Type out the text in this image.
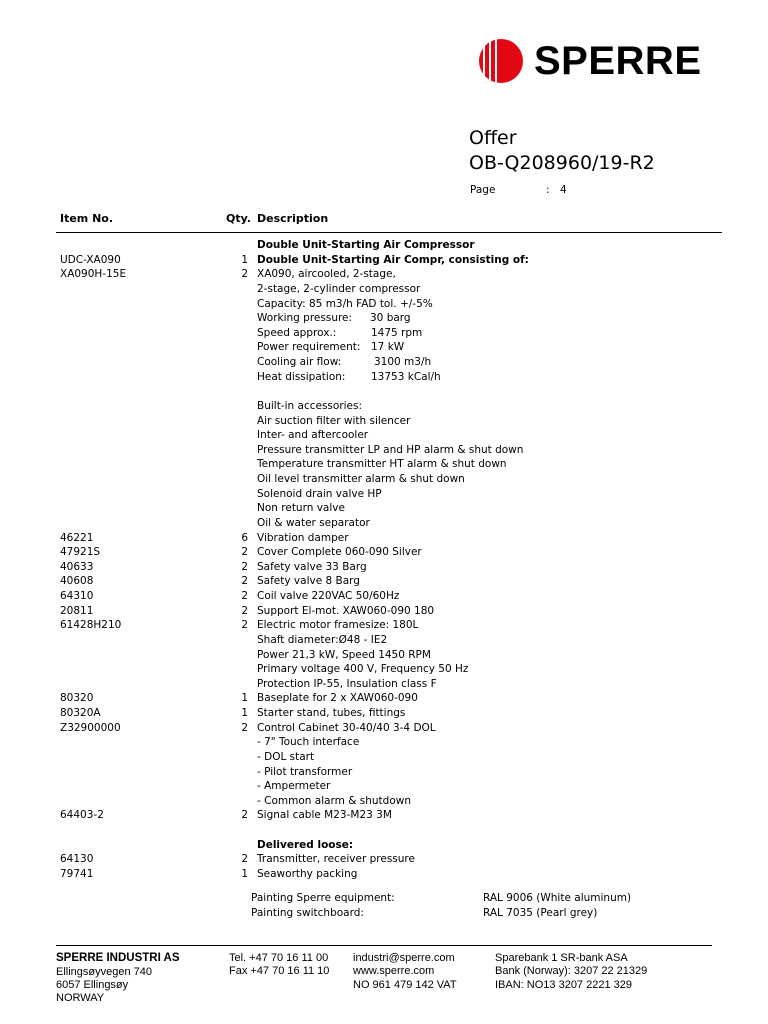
SPERRE
Offer
OB-Q208960/19-R2
Page	: 4
Item No.	Qty. Description
Double Unit-Starting Air Compressor
UDC-XA090	1 Double Unit-Starting Air Compr, consisting of:
XA090H-15E	2 XA090, aircooled, 2-stage,
2-stage, 2-cylinder compressor
Capacity: 85 m3/h FAD tol. +/-5%
Working pressure: 30 barg
Speed approx.:	1475 rpm
Power requirement: 17 kW
Cooling air flow:	3100 m3/h
Heat dissipation: 13753 kCal/h
Built-in accessories:
Air suction filter with silencer
Inter- and aftercooler
Pressure transmitter LP and HP alarm & shut down
Temperature transmitter HT alarm & shut down
Oil level transmitter alarm & shut down
Solenoid drain valve HP
Non return valve
Oil & water separator
46221	6 Vibration damper
47921S	2 Cover Complete 060-090 Silver
40633	2 Safety valve 33 Barg
40608	2 Safety valve 8 Barg
64310	2 Coil valve 220VAC 50/60Hz
20811	2 Support El-mot. XAW060-090 180
61428H210	2 Electric motor framesize: 180L
Shaft diameter:Ø48 - IE2
Power 21,3 kW, Speed 1450 RPM
Primary voltage 400 V, Frequency 50 Hz
Protection IP-55, Insulation class F
80320	1 Baseplate for 2 x XAW060-090
80320A	1 Starter stand, tubes, fittings
Z32900000	2 Control Cabinet 30-40/40 3-4 DOL
- 7" Touch interface
- DOL start
- Pilot transformer
- Ampermeter
- Common alarm & shutdown
64403-2	2 Signal cable M23-M23 3M
Delivered loose:
64130	2 Transmitter, receiver pressure
79741	1 Seaworthy packing
Painting Sperre equipment:	RAL 9006 (White aluminum)
Painting switchboard:	RAL 7035 (Pearl grey)
SPERRE INDUSTRI AS
Ellingsøyvegen 740
6057 Ellingsøy
NORWAY
Tel. +47 70 16 11 00
Fax +47 70 16 11 10
industri@sperre.com
www.sperre.com
NO 961 479 142 VAT
Sparebank 1 SR-bank ASA
Bank (Norway): 3207 22 21329
IBAN: NO13 3207 2221 329
